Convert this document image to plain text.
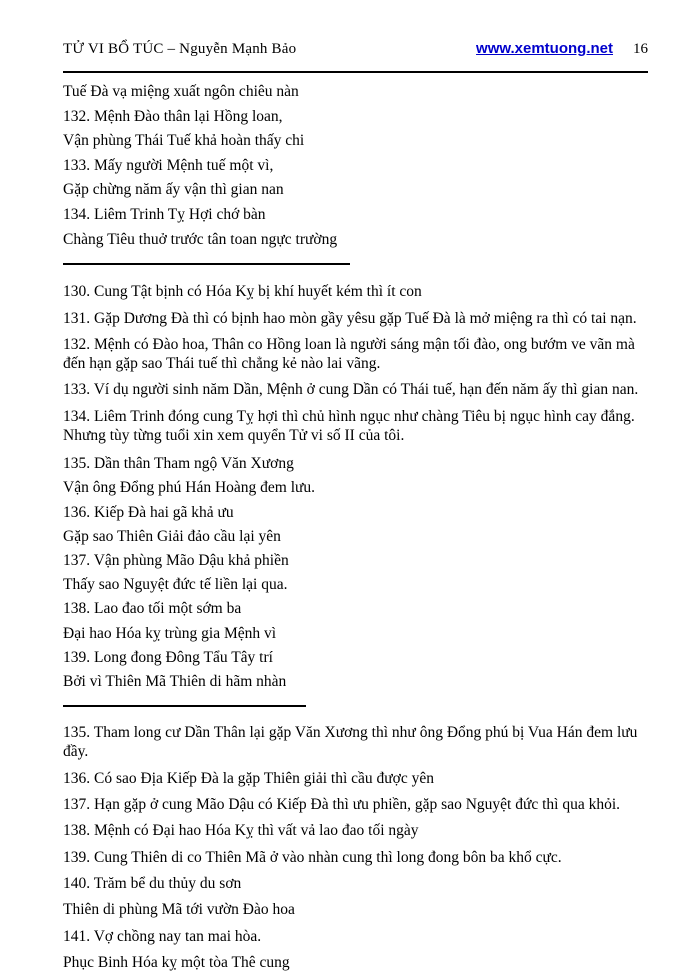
TỬ VI BỔ TÚC – Nguyễn Mạnh Bảo	www.xemtuong.net 16
Tuế Đà vạ miệng xuất ngôn chiêu nàn
132. Mệnh Đào thân lại Hồng loan,
Vận phùng Thái Tuế khả hoàn thấy chi
133. Mấy người Mệnh tuế một vì,
Gặp chừng năm ấy vận thì gian nan
134. Liêm Trinh Tỵ Hợi chớ bàn
Chàng Tiêu thuở trước tân toan ngực trường

130. Cung Tật bịnh có Hóa Kỵ bị khí huyết kém thì ít con

131. Gặp Dương Đà thì có bịnh hao mòn gầy yêsu gặp Tuế Đà là mở miệng ra thì có tai nạn.

132. Mệnh có Đào hoa, Thân co Hồng loan là người sáng mận tối đào, ong bướm ve vãn mà đến hạn gặp sao Thái tuế thì chẳng kẻ nào lai vãng.

133. Ví dụ người sinh năm Dần, Mệnh ở cung Dần có Thái tuế, hạn đến năm ấy thì gian nan.

134. Liêm Trinh đóng cung Tỵ hợi thì chủ hình ngục như chàng Tiêu bị ngục hình cay đắng. Nhưng tùy từng tuổi xin xem quyển Tử vi số II của tôi.

135. Dần thân Tham ngộ Văn Xương
Vận ông Đổng phú Hán Hoàng đem lưu.
136. Kiếp Đà hai gã khả ưu
Gặp sao Thiên Giải đảo cầu lại yên
137. Vận phùng Mão Dậu khả phiền
Thấy sao Nguyệt đức tế liền lại qua.
138. Lao đao tối một sớm ba
Đại hao Hóa kỵ trùng gia Mệnh vì
139. Long đong Đông Tẩu Tây trí
Bởi vì Thiên Mã Thiên di hãm nhàn

135. Tham long cư Dần Thân lại gặp Văn Xương thì như ông Đổng phú bị Vua Hán đem lưu đầy.

136. Có sao Địa Kiếp Đà la gặp Thiên giải thì cầu được yên

137. Hạn gặp ở cung Mão Dậu có Kiếp Đà thì ưu phiền, gặp sao Nguyệt đức thì qua khỏi.

138. Mệnh có Đại hao Hóa Kỵ thì vất vả lao đao tối ngày

139. Cung Thiên di co Thiên Mã ở vào nhàn cung thì long đong bôn ba khổ cực.

140. Trăm bể du thủy du sơn

Thiên di phùng Mã tới vườn Đào hoa

141. Vợ chồng nay tan mai hòa.

Phục Binh Hóa kỵ một tòa Thê cung
